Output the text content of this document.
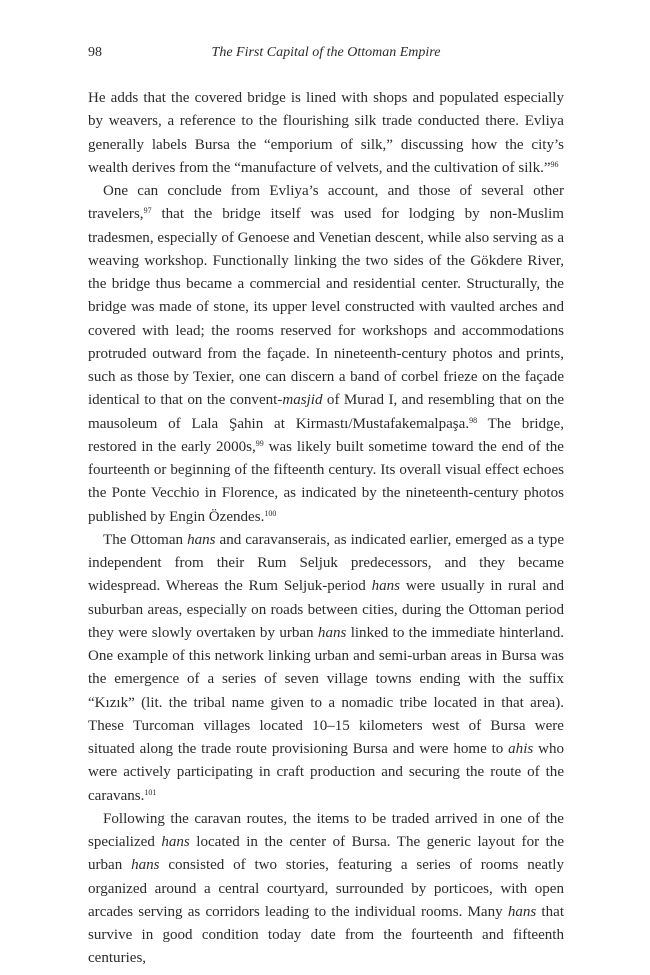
98	The First Capital of the Ottoman Empire

He adds that the covered bridge is lined with shops and populated especially by weavers, a reference to the flourishing silk trade conducted there. Evliya generally labels Bursa the “emporium of silk,” discussing how the city’s wealth derives from the “manufacture of velvets, and the cultivation of silk.”$^{96}$

One can conclude from Evliya’s account, and those of several other travelers,$^{97}$ that the bridge itself was used for lodging by non-Muslim tradesmen, especially of Genoese and Venetian descent, while also serving as a weaving workshop. Functionally linking the two sides of the Gökdere River, the bridge thus became a commercial and residential center. Structurally, the bridge was made of stone, its upper level constructed with vaulted arches and covered with lead; the rooms reserved for workshops and accommodations protruded outward from the façade. In nineteenth-century photos and prints, such as those by Texier, one can discern a band of corbel frieze on the façade identical to that on the convent-masjid of Murad I, and resembling that on the mausoleum of Lala Şahin at Kirmastı/Mustafakemalpaşa.$^{98}$ The bridge, restored in the early 2000s,$^{99}$ was likely built sometime toward the end of the fourteenth or beginning of the fifteenth century. Its overall visual effect echoes the Ponte Vecchio in Florence, as indicated by the nineteenth-century photos published by Engin Özendes.$^{100}$

The Ottoman hans and caravanserais, as indicated earlier, emerged as a type independent from their Rum Seljuk predecessors, and they became widespread. Whereas the Rum Seljuk-period hans were usually in rural and suburban areas, especially on roads between cities, during the Ottoman period they were slowly overtaken by urban hans linked to the immediate hinterland. One example of this network linking urban and semi-urban areas in Bursa was the emergence of a series of seven village towns ending with the suffix “Kızık” (lit. the tribal name given to a nomadic tribe located in that area). These Turcoman villages located 10–15 kilometers west of Bursa were situated along the trade route provisioning Bursa and were home to ahis who were actively participating in craft production and securing the route of the caravans.$^{101}$

Following the caravan routes, the items to be traded arrived in one of the specialized hans located in the center of Bursa. The generic layout for the urban hans consisted of two stories, featuring a series of rooms neatly organized around a central courtyard, surrounded by porticoes, with open arcades serving as corridors leading to the individual rooms. Many hans that survive in good condition today date from the fourteenth and fifteenth centuries,
